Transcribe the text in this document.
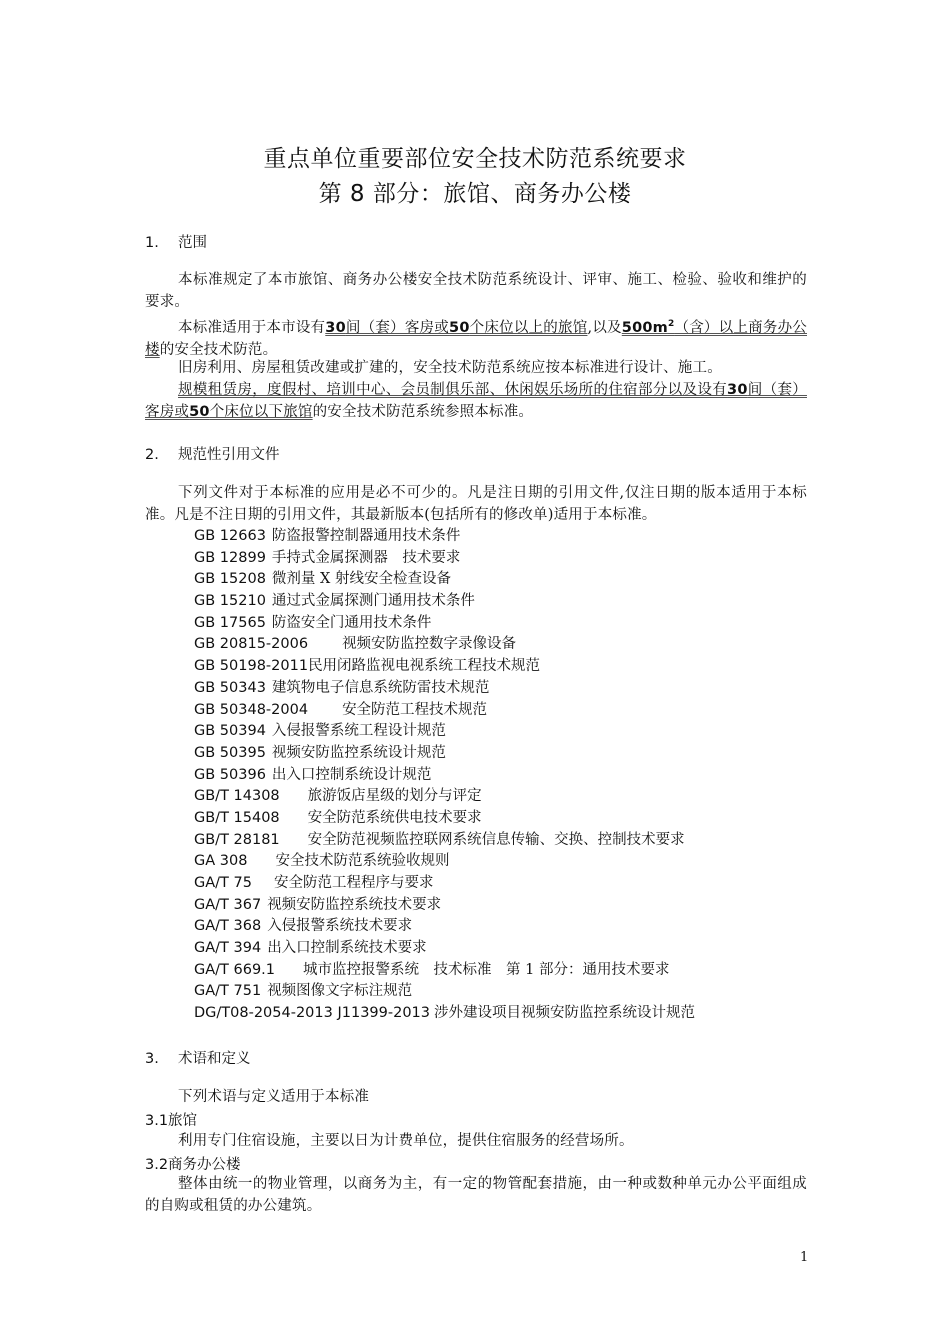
重点单位重要部位安全技术防范系统要求
第 8 部分：旅馆、商务办公楼
1. 范围
本标准规定了本市旅馆、商务办公楼安全技术防范系统设计、评审、施工、检验、验收和维护的要求。
本标准适用于本市设有30间（套）客房或50个床位以上的旅馆,以及$500m^2$（含）以上商务办公楼的安全技术防范。
旧房利用、房屋租赁改建或扩建的，安全技术防范系统应按本标准进行设计、施工。
规模租赁房，度假村、培训中心、会员制俱乐部、休闲娱乐场所的住宿部分以及设有30间（套）客房或50个床位以下旅馆的安全技术防范系统参照本标准。
2. 规范性引用文件
下列文件对于本标准的应用是必不可少的。凡是注日期的引用文件,仅注日期的版本适用于本标准。凡是不注日期的引用文件，其最新版本(包括所有的修改单)适用于本标准。
GB 12663 防盗报警控制器通用技术条件
GB 12899 手持式金属探测器　技术要求
GB 15208 微剂量 X 射线安全检查设备
GB 15210 通过式金属探测门通用技术条件
GB 17565 防盗安全门通用技术条件
GB 20815-2006 视频安防监控数字录像设备
GB 50198-2011民用闭路监视电视系统工程技术规范
GB 50343 建筑物电子信息系统防雷技术规范
GB 50348-2004 安全防范工程技术规范
GB 50394 入侵报警系统工程设计规范
GB 50395 视频安防监控系统设计规范
GB 50396 出入口控制系统设计规范
GB/T 14308 旅游饭店星级的划分与评定
GB/T 15408 安全防范系统供电技术要求
GB/T 28181 安全防范视频监控联网系统信息传输、交换、控制技术要求
GA 308 安全技术防范系统验收规则
GA/T 75 安全防范工程程序与要求
GA/T 367 视频安防监控系统技术要求
GA/T 368 入侵报警系统技术要求
GA/T 394 出入口控制系统技术要求
GA/T 669.1 城市监控报警系统　技术标准　第 1 部分：通用技术要求
GA/T 751 视频图像文字标注规范
DG/T08-2054-2013 J11399-2013 涉外建设项目视频安防监控系统设计规范
3. 术语和定义
下列术语与定义适用于本标准
3.1旅馆
利用专门住宿设施，主要以日为计费单位，提供住宿服务的经营场所。
3.2商务办公楼
整体由统一的物业管理，以商务为主，有一定的物管配套措施，由一种或数种单元办公平面组成的自购或租赁的办公建筑。
1
